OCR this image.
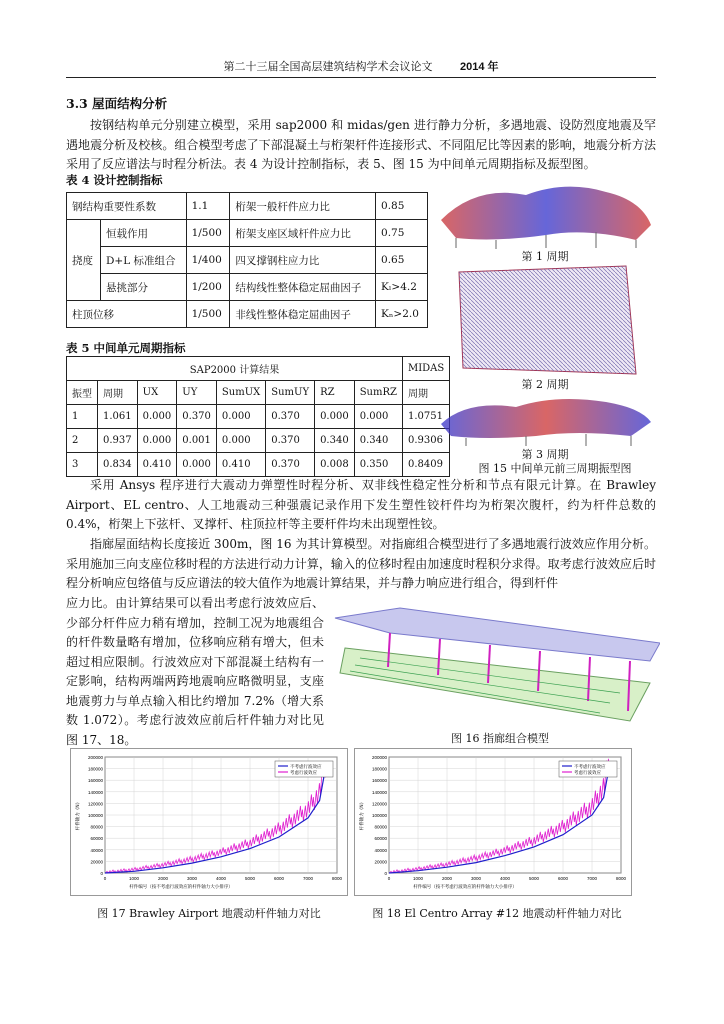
第二十三届全国高层建筑结构学术会议论文	2014 年
3.3 屋面结构分析

按钢结构单元分别建立模型，采用 sap2000 和 midas/gen 进行静力分析，多遇地震、设防烈度地震及罕遇地震分析及校核。组合模型考虑了下部混凝土与桁架杆件连接形式、不同阻尼比等因素的影响，地震分析方法采用了反应谱法与时程分析法。表 4 为设计控制指标，表 5、图 15 为中间单元周期指标及振型图。

表 4 设计控制指标
钢结构重要性系数		1.1	桁架一般杆件应力比	0.85
挠度	恒载作用	1/500	桁架支座区域杆件应力比	0.75
	D+L 标准组合	1/400	四叉撑钢柱应力比	0.65
	悬挑部分	1/200	结构线性整体稳定屈曲因子	Kₗ>4.2
柱顶位移		1/500	非线性整体稳定屈曲因子	Kₙ>2.0
表 5 中间单元周期指标
SAP2000 计算结果								MIDAS
振型	周期	UX	UY	SumUX	SumUY	RZ	SumRZ	周期
1	1.061	0.000	0.370	0.000	0.370	0.000	0.000	1.0751
2	0.937	0.000	0.001	0.000	0.370	0.340	0.340	0.9306
3	0.834	0.410	0.000	0.410	0.370	0.008	0.350	0.8409
第 1 周期
第 2 周期
第 3 周期
图 15 中间单元前三周期振型图

采用 Ansys 程序进行大震动力弹塑性时程分析、双非线性稳定性分析和节点有限元计算。在 Brawley Airport、EL centro、人工地震动三种强震记录作用下发生塑性铰杆件均为桁架次腹杆，约为杆件总数的 0.4%，桁架上下弦杆、叉撑杆、柱顶拉杆等主要杆件均未出现塑性铰。

指廊屋面结构长度接近 300m，图 16 为其计算模型。对指廊组合模型进行了多遇地震行波效应作用分析。采用施加三向支座位移时程的方法进行动力计算，输入的位移时程由加速度时程积分求得。取考虑行波效应后时程分析响应包络值与反应谱法的较大值作为地震计算结果，并与静力响应进行组合，得到杆件

应力比。由计算结果可以看出考虑行波效应后、少部分杆件应力稍有增加，控制工况为地震组合的杆件数量略有增加，位移响应稍有增大，但未超过相应限制。行波效应对下部混凝土结构有一定影响，结构两端两跨地震响应略微明显，支座地震剪力与单点输入相比约增加 7.2%（增大系数 1.072）。考虑行波效应前后杆件轴力对比见图 17、18。	图 16 指廊组合模型
0
20000
40000
60000
80000
100000
120000
140000
160000
180000
200000
0	1000	2000	3000	4000	5000	6000	7000	8000
杆件编号（按不考虑行波效应的杆件轴力大小排序）
杆件轴力（N）
不考虑行波效应
考虑行波效应
图 17 Brawley Airport 地震动杆件轴力对比
0
20000
40000
60000
80000
100000
120000
140000
160000
180000
200000
0	1000	2000	3000	4000	5000	6000	7000	8000
杆件编号（按不考虑行波效应的杆件轴力大小排序）
杆件轴力（N）
不考虑行波效应
考虑行波效应
图 18 El Centro Array #12 地震动杆件轴力对比
